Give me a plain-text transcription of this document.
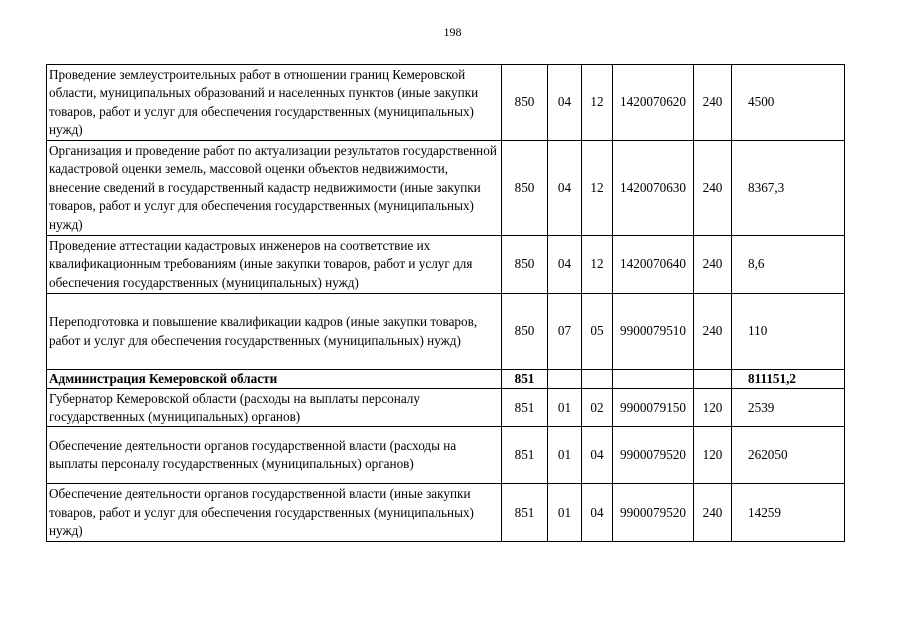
198
Проведение землеустроительных работ в отношении границ Кемеровской области, муниципальных образований и населенных пунктов (иные закупки товаров, работ и услуг для обеспечения государственных (муниципальных) нужд)	850	04	12	1420070620	240	4500
Организация и проведение работ по актуализации результатов государственной кадастровой оценки земель, массовой оценки объектов недвижимости, внесение сведений в государственный кадастр недвижимости (иные закупки товаров, работ и услуг для обеспечения государственных (муниципальных) нужд)	850	04	12	1420070630	240	8367,3
Проведение аттестации кадастровых инженеров на соответствие их квалификационным требованиям (иные закупки товаров, работ и услуг для обеспечения государственных (муниципальных) нужд)	850	04	12	1420070640	240	8,6
Переподготовка и повышение квалификации кадров (иные закупки товаров, работ и услуг для обеспечения государственных (муниципальных) нужд)	850	07	05	9900079510	240	110
Администрация Кемеровской области	851					811151,2
Губернатор Кемеровской области (расходы на выплаты персоналу государственных (муниципальных) органов)	851	01	02	9900079150	120	2539
Обеспечение деятельности органов государственной власти (расходы на выплаты персоналу государственных (муниципальных) органов)	851	01	04	9900079520	120	262050
Обеспечение деятельности органов государственной власти (иные закупки товаров, работ и услуг для обеспечения государственных (муниципальных) нужд)	851	01	04	9900079520	240	14259
